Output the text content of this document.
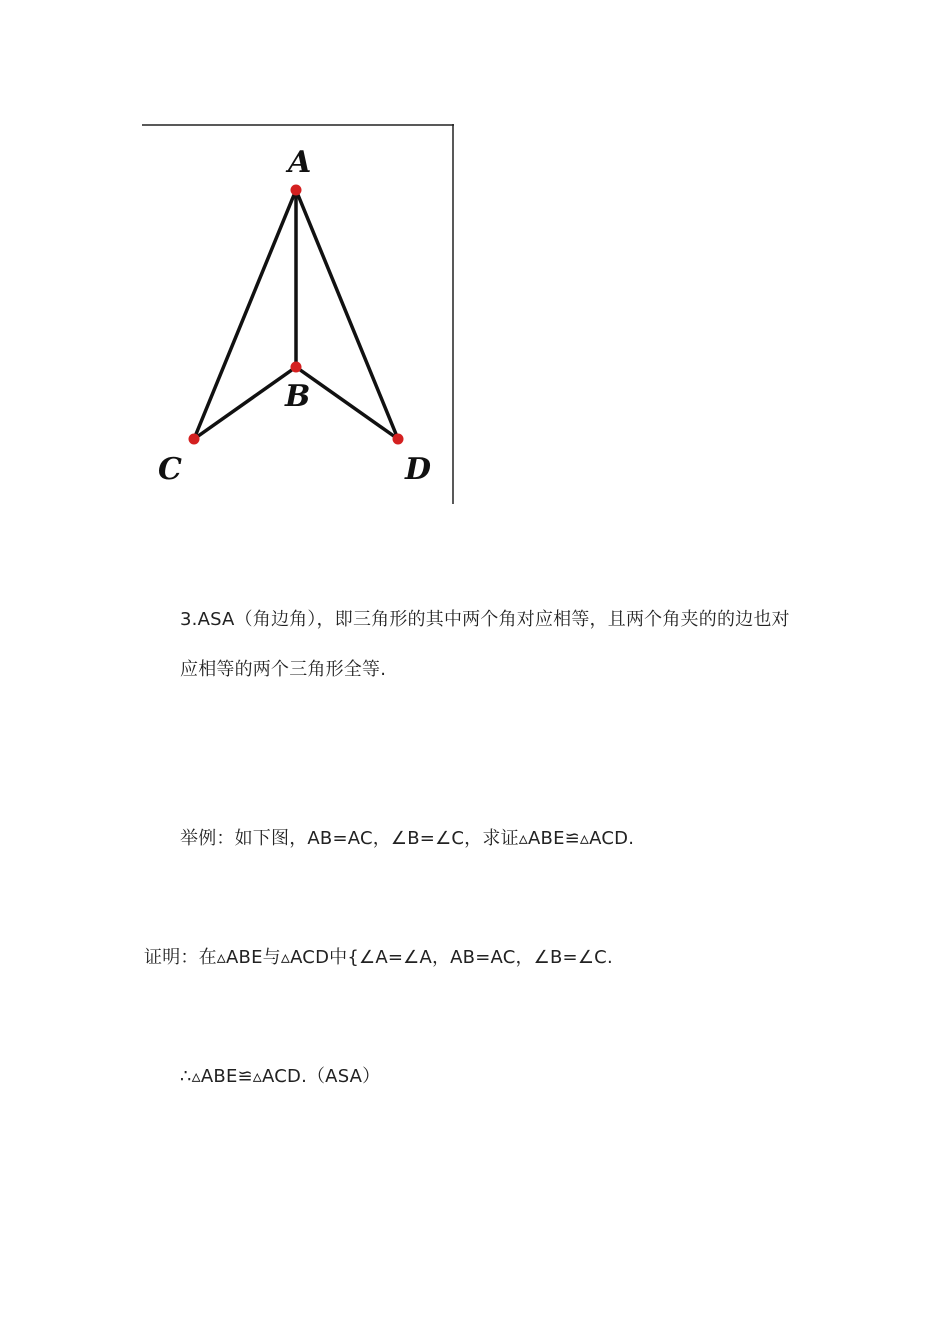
A
B
C	D
3.ASA（角边角），即三角形的其中两个角对应相等，且两个角夹的的边也对
应相等的两个三角形全等.
举例：如下图，AB=AC，∠B=∠C，求证▵ABE≌▵ACD.
证明：在▵ABE与▵ACD中{∠A=∠A，AB=AC，∠B=∠C.
∴▵ABE≌▵ACD.（ASA）
